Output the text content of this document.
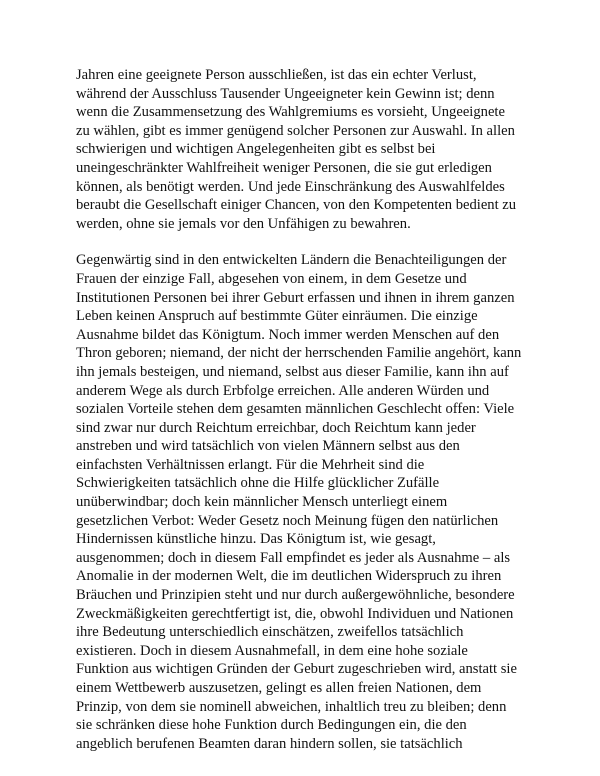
Jahren eine geeignete Person ausschließen, ist das ein echter Verlust,
während der Ausschluss Tausender Ungeeigneter kein Gewinn ist; denn
wenn die Zusammensetzung des Wahlgremiums es vorsieht, Ungeeignete
zu wählen, gibt es immer genügend solcher Personen zur Auswahl. In allen
schwierigen und wichtigen Angelegenheiten gibt es selbst bei
uneingeschränkter Wahlfreiheit weniger Personen, die sie gut erledigen
können, als benötigt werden. Und jede Einschränkung des Auswahlfeldes
beraubt die Gesellschaft einiger Chancen, von den Kompetenten bedient zu
werden, ohne sie jemals vor den Unfähigen zu bewahren.

Gegenwärtig sind in den entwickelten Ländern die Benachteiligungen der
Frauen der einzige Fall, abgesehen von einem, in dem Gesetze und
Institutionen Personen bei ihrer Geburt erfassen und ihnen in ihrem ganzen
Leben keinen Anspruch auf bestimmte Güter einräumen. Die einzige
Ausnahme bildet das Königtum. Noch immer werden Menschen auf den
Thron geboren; niemand, der nicht der herrschenden Familie angehört, kann
ihn jemals besteigen, und niemand, selbst aus dieser Familie, kann ihn auf
anderem Wege als durch Erbfolge erreichen. Alle anderen Würden und
sozialen Vorteile stehen dem gesamten männlichen Geschlecht offen: Viele
sind zwar nur durch Reichtum erreichbar, doch Reichtum kann jeder
anstreben und wird tatsächlich von vielen Männern selbst aus den
einfachsten Verhältnissen erlangt. Für die Mehrheit sind die
Schwierigkeiten tatsächlich ohne die Hilfe glücklicher Zufälle
unüberwindbar; doch kein männlicher Mensch unterliegt einem
gesetzlichen Verbot: Weder Gesetz noch Meinung fügen den natürlichen
Hindernissen künstliche hinzu. Das Königtum ist, wie gesagt,
ausgenommen; doch in diesem Fall empfindet es jeder als Ausnahme – als
Anomalie in der modernen Welt, die im deutlichen Widerspruch zu ihren
Bräuchen und Prinzipien steht und nur durch außergewöhnliche, besondere
Zweckmäßigkeiten gerechtfertigt ist, die, obwohl Individuen und Nationen
ihre Bedeutung unterschiedlich einschätzen, zweifellos tatsächlich
existieren. Doch in diesem Ausnahmefall, in dem eine hohe soziale
Funktion aus wichtigen Gründen der Geburt zugeschrieben wird, anstatt sie
einem Wettbewerb auszusetzen, gelingt es allen freien Nationen, dem
Prinzip, von dem sie nominell abweichen, inhaltlich treu zu bleiben; denn
sie schränken diese hohe Funktion durch Bedingungen ein, die den
angeblich berufenen Beamten daran hindern sollen, sie tatsächlich
